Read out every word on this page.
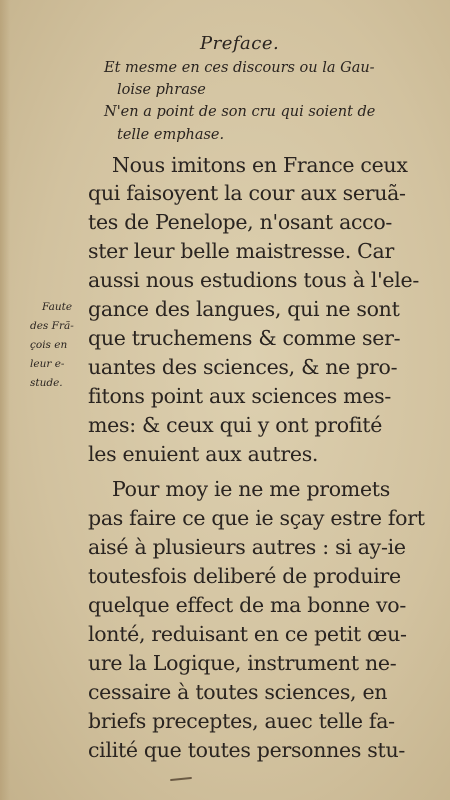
Preface.
Et mesme en ces discours ou la Gau-
loise phrase
N'en a point de son cru qui soient de
telle emphase.
Nous imitons en France ceux
qui faisoyent la cour aux seruã-
tes de Penelope, n'osant acco-
ster leur belle maistresse. Car
aussi nous estudions tous à l'ele-
gance des langues, qui ne sont
que truchemens & comme ser-
uantes des sciences, & ne pro-
fitons point aux sciences mes-
mes: & ceux qui y ont profité
les enuient aux autres.
Pour moy ie ne me promets
pas faire ce que ie sçay estre fort
aisé à plusieurs autres : si ay-ie
toutesfois deliberé de produire
quelque effect de ma bonne vo-
lonté, reduisant en ce petit œu-
ure la Logique, instrument ne-
cessaire à toutes sciences, en
briefs preceptes, auec telle fa-
cilité que toutes personnes stu-
Faute
des Frã-
çois en
leur e-
stude.
